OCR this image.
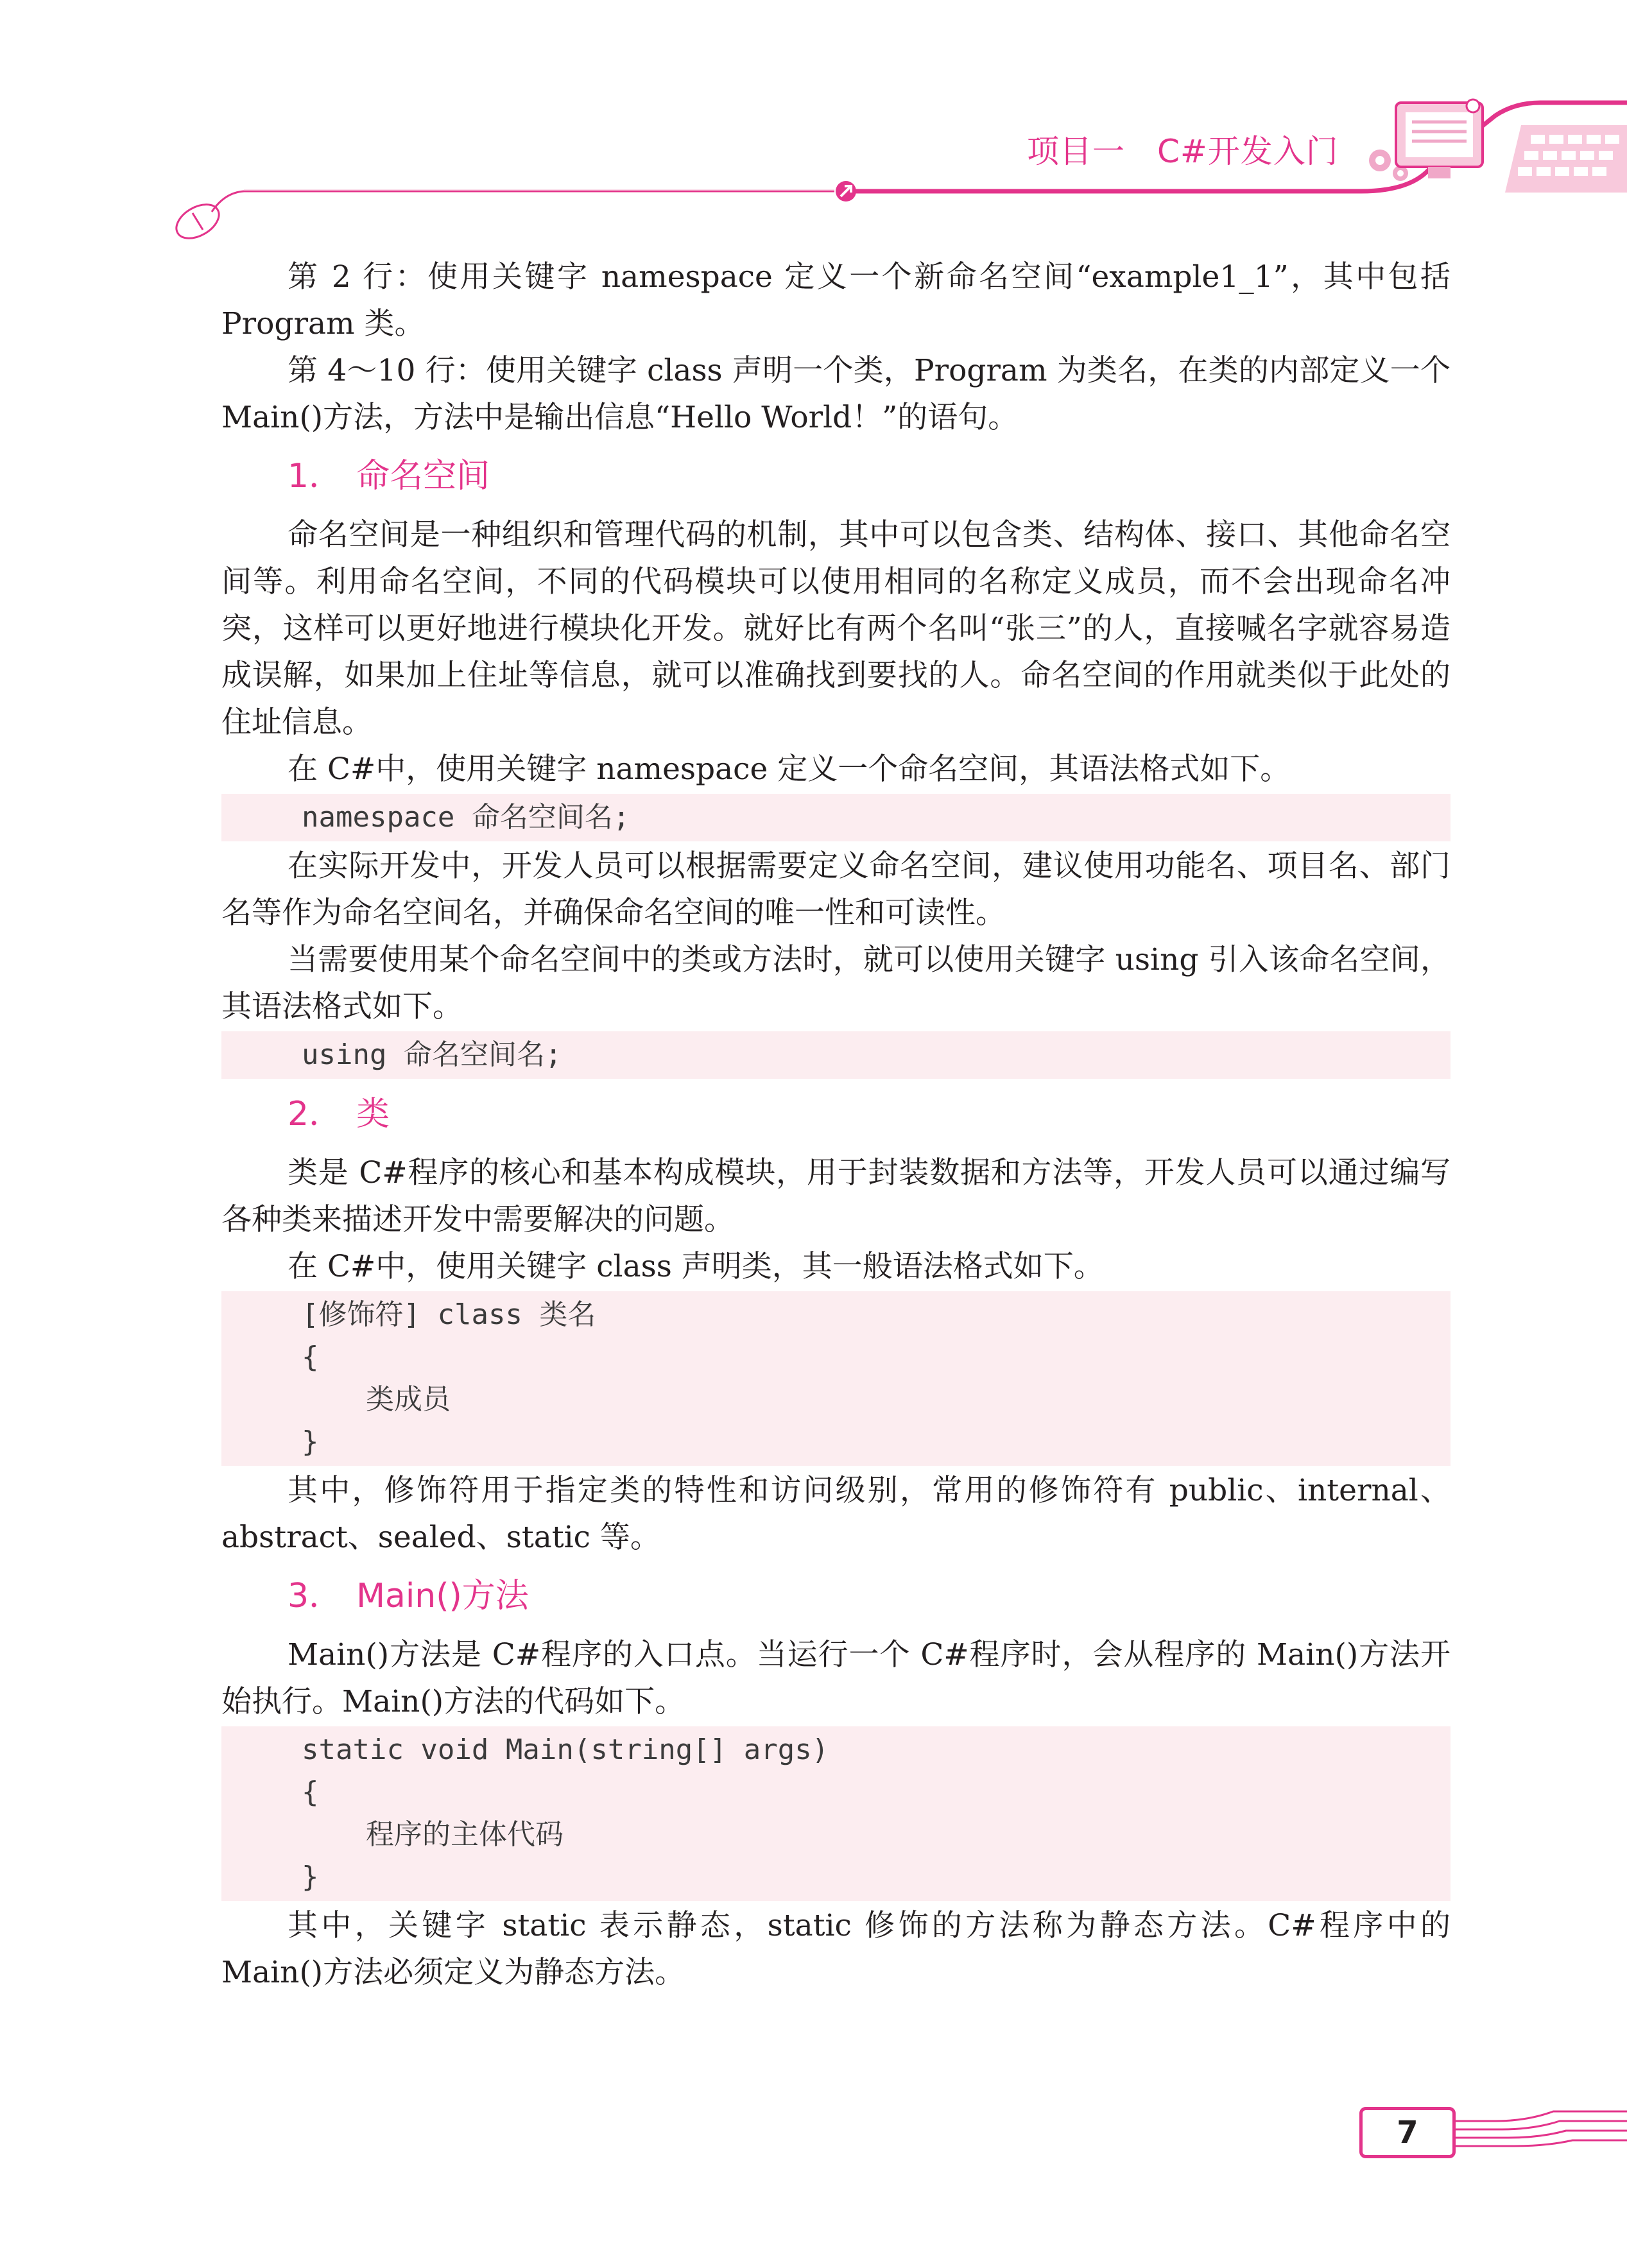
项目一 C#开发入门

第 2 行：使用关键字 namespace 定义一个新命名空间“example1_1”，其中包括 Program 类。

第 4～10 行：使用关键字 class 声明一个类，Program 为类名，在类的内部定义一个 Main()方法，方法中是输出信息“Hello World！”的语句。

1． 命名空间

命名空间是一种组织和管理代码的机制，其中可以包含类、结构体、接口、其他命名空间等。利用命名空间，不同的代码模块可以使用相同的名称定义成员，而不会出现命名冲突，这样可以更好地进行模块化开发。就好比有两个名叫“张三”的人，直接喊名字就容易造成误解，如果加上住址等信息，就可以准确找到要找的人。命名空间的作用就类似于此处的住址信息。

在 C#中，使用关键字 namespace 定义一个命名空间，其语法格式如下。

namespace 命名空间名;

在实际开发中，开发人员可以根据需要定义命名空间，建议使用功能名、项目名、部门名等作为命名空间名，并确保命名空间的唯一性和可读性。

当需要使用某个命名空间中的类或方法时，就可以使用关键字 using 引入该命名空间，其语法格式如下。

using 命名空间名;
2． 类

类是 C#程序的核心和基本构成模块，用于封装数据和方法等，开发人员可以通过编写各种类来描述开发中需要解决的问题。

在 C#中，使用关键字 class 声明类，其一般语法格式如下。

[修饰符] class 类名
{
类成员
}

其中，修饰符用于指定类的特性和访问级别，常用的修饰符有 public、internal、abstract、sealed、static 等。

3． Main()方法

Main()方法是 C#程序的入口点。当运行一个 C#程序时，会从程序的 Main()方法开始执行。Main()方法的代码如下。

static void Main(string[] args)
{
程序的主体代码
}

其中，关键字 static 表示静态，static 修饰的方法称为静态方法。C#程序中的 Main()方法必须定义为静态方法。

7
